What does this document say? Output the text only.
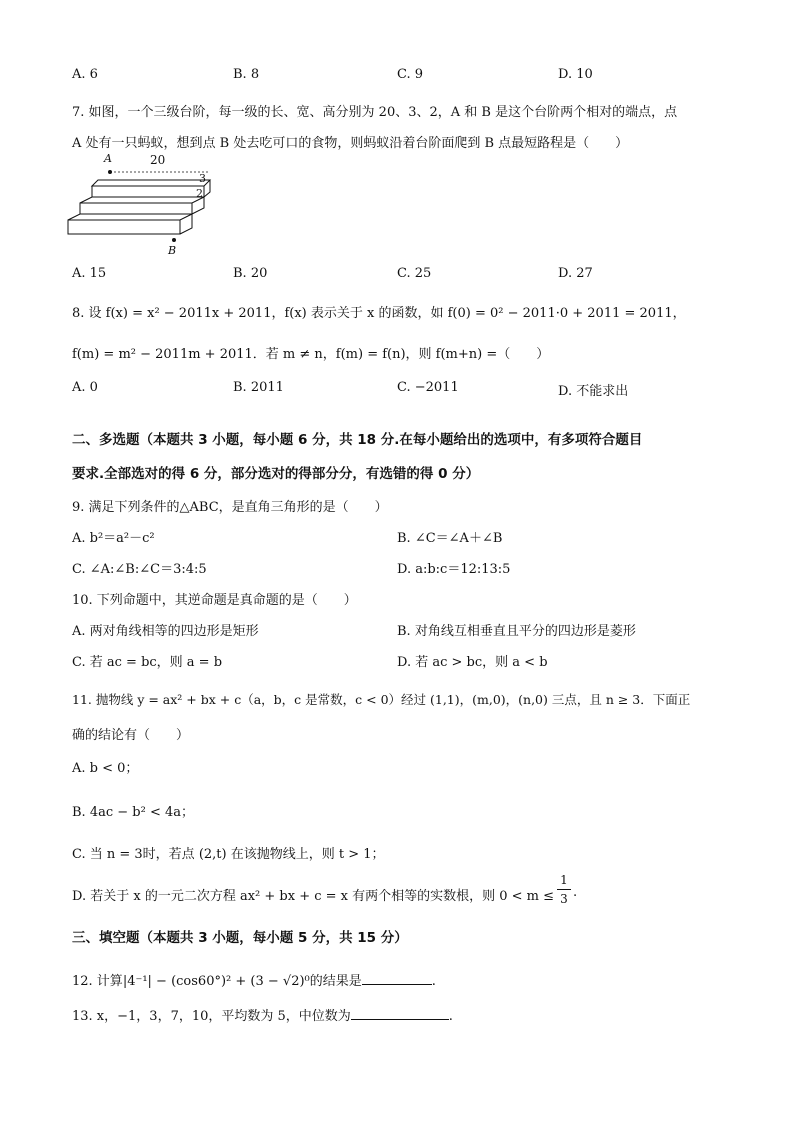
A. 6	B. 8	C. 9	D. 10
7. 如图，一个三级台阶，每一级的长、宽、高分别为 20、3、2，A 和 B 是这个台阶两个相对的端点，点
A 处有一只蚂蚁，想到点 B 处去吃可口的食物，则蚂蚁沿着台阶面爬到 B 点最短路程是（　　）
A	20
3
2
B
A. 15	B. 20	C. 25	D. 27
8. 设 f(x) = x² − 2011x + 2011，f(x) 表示关于 x 的函数，如 f(0) = 0² − 2011·0 + 2011 = 2011，
f(m) = m² − 2011m + 2011．若 m ≠ n，f(m) = f(n)，则 f(m+n) =（　　）
A. 0	B. 2011	C. −2011	D. 不能求出
二、多选题（本题共 3 小题，每小题 6 分，共 18 分.在每小题给出的选项中，有多项符合题目
要求.全部选对的得 6 分，部分选对的得部分分，有选错的得 0 分）
9. 满足下列条件的△ABC，是直角三角形的是（　　）
A. b²＝a²－c²	B. ∠C＝∠A＋∠B
C. ∠A:∠B:∠C＝3:4:5	D. a:b:c＝12:13:5
10. 下列命题中，其逆命题是真命题的是（　　）
A. 两对角线相等的四边形是矩形	B. 对角线互相垂直且平分的四边形是菱形
C. 若 ac = bc，则 a = b	D. 若 ac > bc，则 a < b
11. 抛物线 y = ax² + bx + c（a，b，c 是常数，c < 0）经过 (1,1)，(m,0)，(n,0) 三点，且 n ≥ 3．下面正
确的结论有（　　）
A. b < 0；
B. 4ac − b² < 4a；
C. 当 n = 3时，若点 (2,t) 在该抛物线上，则 t > 1；
D. 若关于 x 的一元二次方程 ax² + bx + c = x 有两个相等的实数根，则 0 < m ≤
1
3 .
三、填空题（本题共 3 小题，每小题 5 分，共 15 分）
12. 计算|4⁻¹| − (cos60°)² + (3 − √2)⁰的结果是	.
13. x，−1，3，7，10，平均数为 5，中位数为	.
